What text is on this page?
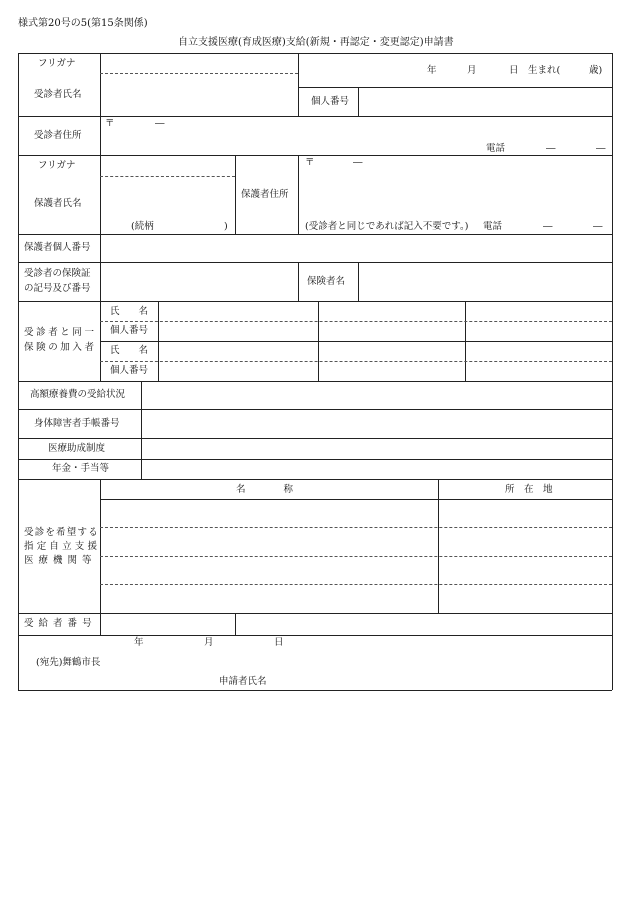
様式第20号の5(第15条関係)
自立支援医療(育成医療)支給(新規・再認定・変更認定)申請書
フリガナ
受診者氏名
年	月	日 生まれ(	歳)
個人番号
受診者住所
〒	―
電話	―	―
フリガナ
保護者氏名
(続柄	)
保護者住所
〒	―
(受診者と同じであれば記入不要です。) 電話	―	―
保護者個人番号
受診者の保険証
の記号及び番号
保険者名
受診者と同一
保険の加入者
氏　　名
個人番号
氏　　名
個人番号
高額療養費の受給状況
身体障害者手帳番号
医療助成制度
年金・手当等
受診を希望する
指定自立支援
医療機関等
名　　　　称	所　在　地
受 給 者 番 号
年	月	日
(宛先)舞鶴市長
申請者氏名
